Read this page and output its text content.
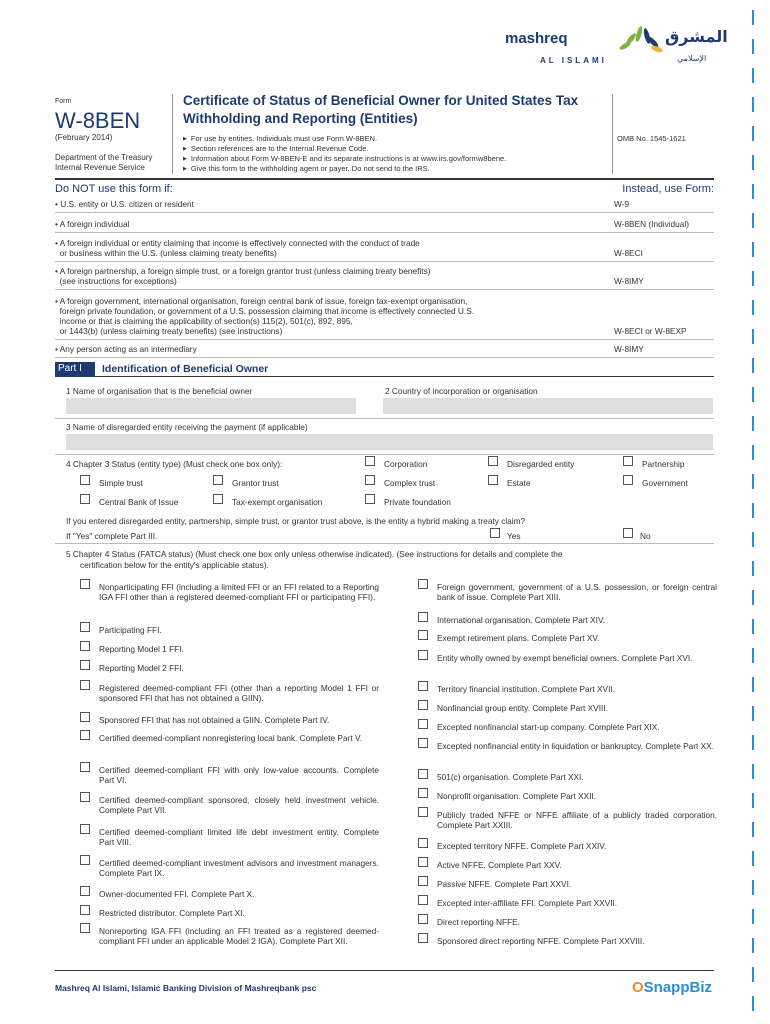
mashreq	المشرق
AL ISLAMI	الإسلامي
Form
W-8BEN
(February 2014)
Department of the Treasury
Internal Revenue Service
Certificate of Status of Beneficial Owner for United States Tax Withholding and Reporting (Entities)
▶ For use by entities. Individuals must use Form W-8BEN.
▶ Section references are to the Internal Revenue Code.
▶ Information about Form W-8BEN-E and its separate instructions is at www.irs.gov/formw8bene.
▶ Give this form to the withholding agent or payer. Do not send to the IRS.
OMB No. 1545-1621
Do NOT use this form if:	Instead, use Form:
• U.S. entity or U.S. citizen or resident	W-9
• A foreign individual	W-8BEN (Individual)
• A foreign individual or entity claiming that income is effectively connected with the conduct of trade
or business within the U.S. (unless claiming treaty benefits)	W-8ECI
• A foreign partnership, a foreign simple trust, or a foreign grantor trust (unless claiming treaty benefits)
(see instructions for exceptions)	W-8IMY
• A foreign government, international organisation, foreign central bank of issue, foreign tax-exempt organisation,
foreign private foundation, or government of a U.S. possession claiming that income is effectively connected U.S.
income or that is claiming the applicability of section(s) 115(2), 501(c), 892, 895,
or 1443(b) (unless claiming treaty benefits) (see instructions)	W-8ECI or W-8EXP
• Any person acting as an intermediary	W-8IMY
Part I	Identification of Beneficial Owner
1 Name of organisation that is the beneficial owner	2 Country of incorporation or organisation
3 Name of disregarded entity receiving the payment (if applicable)
4 Chapter 3 Status (entity type) (Must check one box only):	Corporation	Disregarded entity	Partnership
Simple trust	Grantor trust	Complex trust	Estate	Government
Central Bank of Issue	Tax-exempt organisation	Private foundation
If you entered disregarded entity, partnership, simple trust, or grantor trust above, is the entity a hybrid making a treaty claim?
If "Yes" complete Part III.	Yes	No
5 Chapter 4 Status (FATCA status) (Must check one box only unless otherwise indicated). (See instructions for details and complete the
certification below for the entity's applicable status).
Nonparticipating FFI (including a limited FFI or an FFI related to a Reporting IGA FFI other than a registered deemed-compliant FFI or participating FFI).
Participating FFI.
Reporting Model 1 FFI.
Reporting Model 2 FFI.
Registered deemed-compliant FFI (other than a reporting Model 1 FFI or sponsored FFI that has not obtained a GIIN).
Sponsored FFI that has not obtained a GIIN. Complete Part IV.
Certified deemed-compliant nonregistering local bank. Complete Part V.
Certified deemed-compliant FFI with only low-value accounts. Complete Part VI.
Certified deemed-compliant sponsored, closely held investment vehicle. Complete Part VII.
Certified deemed-compliant limited life debt investment entity. Complete Part VIII.
Certified deemed-compliant investment advisors and investment managers. Complete Part IX.
Owner-documented FFI. Complete Part X.
Restricted distributor. Complete Part XI.
Nonreporting IGA FFI (including an FFI treated as a registered deemed-compliant FFI under an applicable Model 2 IGA). Complete Part XII.
Foreign government, government of a U.S. possession, or foreign central bank of issue. Complete Part XIII.
International organisation. Complete Part XIV.
Exempt retirement plans. Complete Part XV.
Entity wholly owned by exempt beneficial owners. Complete Part XVI.
Territory financial institution. Complete Part XVII.
Nonfinancial group entity. Complete Part XVIII.
Excepted nonfinancial start-up company. Complete Part XIX.
Excepted nonfinancial entity in liquidation or bankruptcy. Complete Part XX.
501(c) organisation. Complete Part XXI.
Nonprofit organisation. Complete Part XXII.
Publicly traded NFFE or NFFE affiliate of a publicly traded corporation. Complete Part XXIII.
Excepted territory NFFE. Complete Part XXIV.
Active NFFE. Complete Part XXV.
Passive NFFE. Complete Part XXVI.
Excepted inter-affiliate FFI. Complete Part XXVII.
Direct reporting NFFE.
Sponsored direct reporting NFFE. Complete Part XXVIII.
Mashreq Al Islami, Islamic Banking Division of Mashreqbank psc	OSnappBiz
